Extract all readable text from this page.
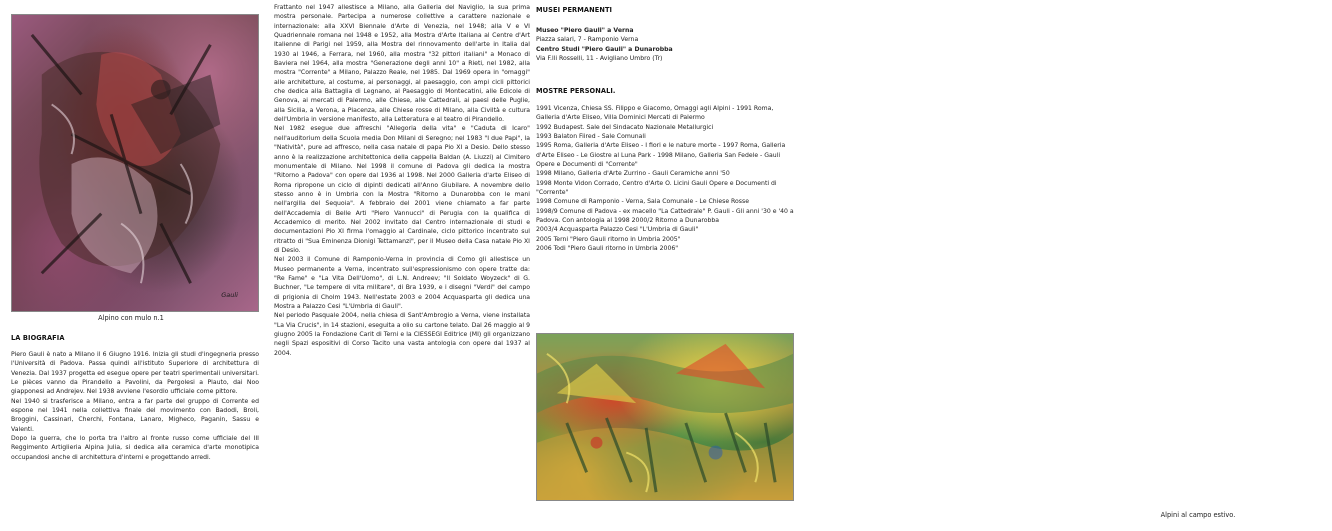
Gauli
Alpino con mulo n.1
LA BIOGRAFIA

Piero Gauli è nato a Milano il 6 Giugno 1916. Inizia gli studi d'ingegneria presso l'Università di Padova. Passa quindi all'istituto Superiore di architettura di Venezia. Dal 1937 progetta ed esegue opere per teatri sperimentali universitari. Le pièces vanno da Pirandello a Pavolini, da Pergolesi a Plauto, dai Noo giapponesi ad Andrejev. Nel 1938 avviene l'esordio ufficiale come pittore.

Nel 1940 si trasferisce a Milano, entra a far parte del gruppo di Corrente ed espone nel 1941 nella collettiva finale del movimento con Badodi, Broli, Broggini, Cassinari, Cherchi, Fontana, Lanaro, Migheco, Paganin, Sassu e Valenti.

Dopo la guerra, che lo porta tra l'altro al fronte russo come ufficiale del III Reggimento Artiglieria Alpina Julia, si dedica alla ceramica d'arte monotipica occupandosi anche di architettura d'interni e progettando arredi.

Frattanto nel 1947 allestisce a Milano, alla Galleria del Naviglio, la sua prima mostra personale. Partecipa a numerose collettive a carattere nazionale e internazionale: alla XXVI Biennale d'Arte di Venezia, nel 1948; alla V e VI Quadriennale romana nel 1948 e 1952, alla Mostra d'Arte Italiana al Centre d'Art Italienne di Parigi nel 1959, alla Mostra del rinnovamento dell'arte in Italia dal 1930 al 1946, a Ferrara, nel 1960, alla mostra "32 pittori italiani" a Monaco di Baviera nel 1964, alla mostra "Generazione degli anni 10" a Rieti, nel 1982, alla mostra "Corrente" a Milano, Palazzo Reale, nel 1985. Dal 1969 opera in "omaggi" alle architetture, al costume, ai personaggi, al paesaggio, con ampi cicli pittorici che dedica alla Battaglia di Legnano, al Paesaggio di Montecatini, alle Edicole di Genova, ai mercati di Palermo, alle Chiese, alle Cattedrali, ai paesi delle Puglie, alla Sicilia, a Verona, a Piacenza, alle Chiese rosse di Milano, alla Civiltà e cultura dell'Umbria in versione manifesto, alla Letteratura e al teatro di Pirandello.

Nel 1982 esegue due affreschi "Allegoria della vita" e "Caduta di Icaro" nell'auditorium della Scuola media Don Milani di Seregno; nel 1983 "I due Papi", la "Natività", pure ad affresco, nella casa natale di papa Pio XI a Desio. Dello stesso anno è la realizzazione architettonica della cappella Baldan (A. Liuzzi) al Cimitero monumentale di Milano. Nel 1998 il comune di Padova gli dedica la mostra "Ritorno a Padova" con opere dal 1936 al 1998. Nel 2000 Galleria d'arte Eliseo di Roma ripropone un ciclo di dipinti dedicati all'Anno Giubilare. A novembre dello stesso anno è in Umbria con la Mostra "Ritorno a Dunarobba con le mani nell'argilla del Sequoia". A febbraio del 2001 viene chiamato a far parte dell'Accademia di Belle Arti "Piero Vannucci" di Perugia con la qualifica di Accademico di merito. Nel 2002 invitato dal Centro internazionale di studi e documentazioni Pio XI firma l'omaggio al Cardinale, ciclo pittorico incentrato sul ritratto di "Sua Eminenza Dionigi Tettamanzi", per il Museo della Casa natale Pio XI di Desio.

Nel 2003 il Comune di Ramponio-Verna in provincia di Como gli allestisce un Museo permanente a Verna, incentrato sull'espressionismo con opere tratte da: "Re Fame" e "La Vita Dell'Uomo", di L.N. Andreev; "Il Soldato Woyzeck" di G. Buchner, "Le tempere di vita militare", di Bra 1939, e i disegni "Verdi" del campo di prigionia di Cholm 1943. Nell'estate 2003 e 2004 Acquasparta gli dedica una Mostra a Palazzo Cesi "L'Umbria di Gauli".

Nel periodo Pasquale 2004, nella chiesa di Sant'Ambrogio a Verna, viene installata "La Via Crucis", in 14 stazioni, eseguita a olio su cartone telato. Dal 26 maggio al 9 giugno 2005 la Fondazione Carit di Terni e la CIESSEGI Editrice (MI) gli organizzano negli Spazi espositivi di Corso Tacito una vasta antologia con opere dal 1937 al 2004.

MUSEI PERMANENTI
Museo "Piero Gauli" a Verna
Piazza salari, 7 - Ramponio Verna
Centro Studi "Piero Gauli" a Dunarobba
Via F.lli Rosselli, 11 - Avigliano Umbro (Tr)
MOSTRE PERSONALI.

1991 Vicenza, Chiesa SS. Filippo e Giacomo, Omaggi agli Alpini - 1991 Roma, Galleria d'Arte Eliseo, Villa Dominici Mercati di Palermo

1992 Budapest. Sale del Sindacato Nazionale Metallurgici

1993 Balaton Fiired - Sale Comunali

1995 Roma, Galleria d'Arte Eliseo - I fiori e le nature morte - 1997 Roma, Galleria d'Arte Eliseo - Le Giostre al Luna Park - 1998 Milano, Galleria San Fedele - Gauli Opere e Documenti di "Corrente"

1998 Milano, Galleria d'Arte Zurrino - Gauli Ceramiche anni '50

1998 Monte Vidon Corrado, Centro d'Arte O. Licini Gauli Opere e Documenti di "Corrente"

1998 Comune di Ramponio - Verna, Sala Comunale - Le Chiese Rosse

1998/9 Comune di Padova - ex macello "La Cattedrale" P. Gauli - Gli anni '30 e '40 a Padova. Con antologia al 1998 2000/2 Ritorno a Dunarobba

2003/4 Acquasparta Palazzo Cesi "L'Umbria di Gauli"

2005 Terni "Piero Gauli ritorno in Umbria 2005"

2006 Todi "Piero Gauli ritorno in Umbria 2006"

Alpini al campo estivo.
